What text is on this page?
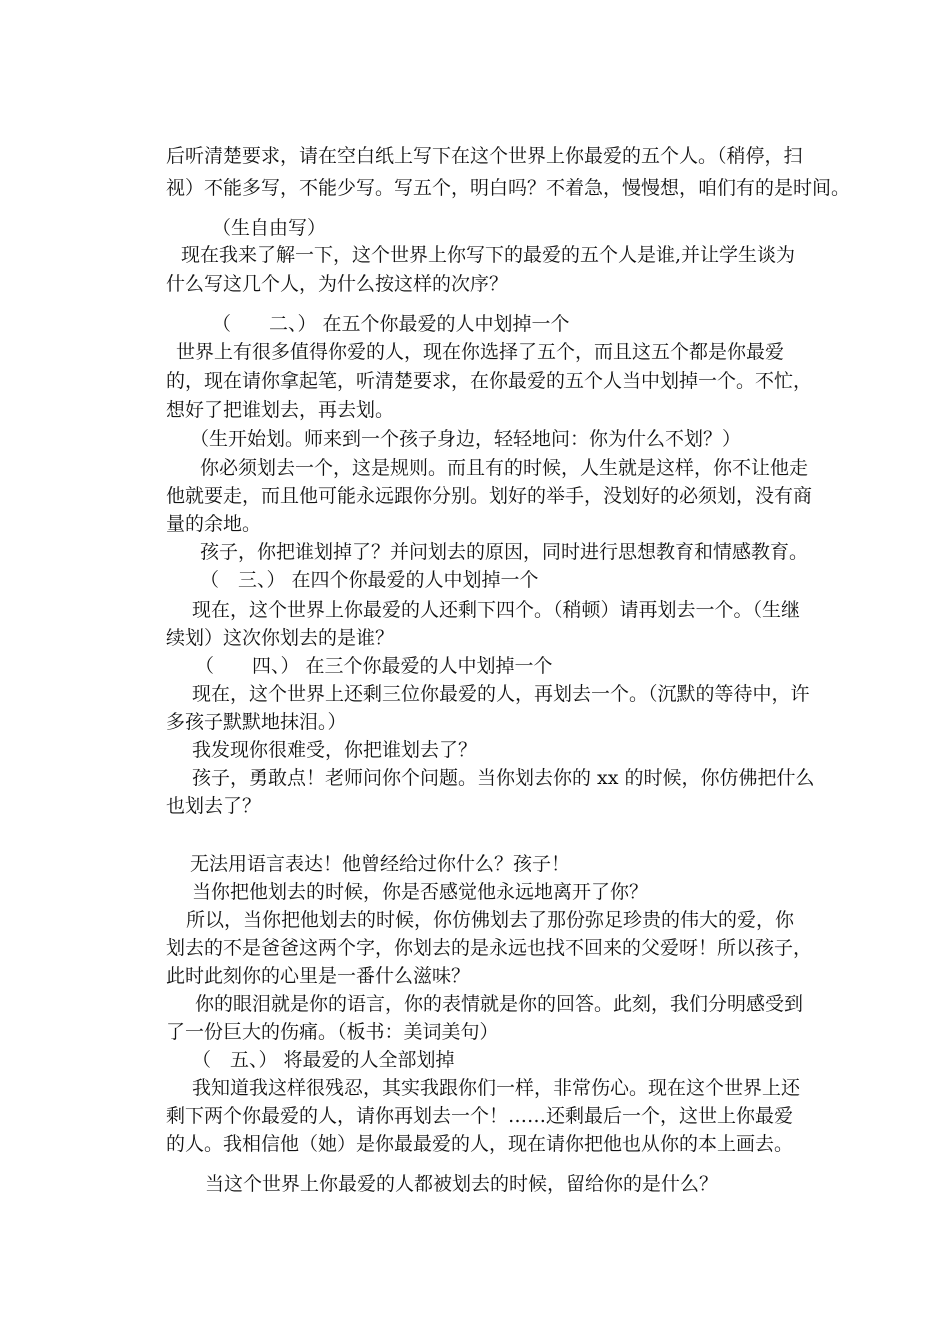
后听清楚要求，请在空白纸上写下在这个世界上你最爱的五个人。（稍停，扫

视）不能多写，不能少写。写五个，明白吗？不着急，慢慢想，咱们有的是时间。

（生自由写）

现在我来了解一下，这个世界上你写下的最爱的五个人是谁,并让学生谈为

什么写这几个人，为什么按这样的次序？

（　　二、） 在五个你最爱的人中划掉一个

世界上有很多值得你爱的人，现在你选择了五个，而且这五个都是你最爱

的，现在请你拿起笔，听清楚要求，在你最爱的五个人当中划掉一个。不忙，

想好了把谁划去，再去划。

（生开始划。师来到一个孩子身边，轻轻地问：你为什么不划？）

你必须划去一个，这是规则。而且有的时候，人生就是这样，你不让他走

他就要走，而且他可能永远跟你分别。划好的举手，没划好的必须划，没有商

量的余地。

孩子，你把谁划掉了？并问划去的原因，同时进行思想教育和情感教育。

（　三、） 在四个你最爱的人中划掉一个

现在，这个世界上你最爱的人还剩下四个。（稍顿）请再划去一个。（生继

续划）这次你划去的是谁？

（　　四、） 在三个你最爱的人中划掉一个

现在，这个世界上还剩三位你最爱的人，再划去一个。（沉默的等待中，许

多孩子默默地抹泪。）

我发现你很难受，你把谁划去了？

孩子，勇敢点！老师问你个问题。当你划去你的 xx 的时候，你仿佛把什么

也划去了？

无法用语言表达！他曾经给过你什么？孩子！

当你把他划去的时候，你是否感觉他永远地离开了你？

所以，当你把他划去的时候，你仿佛划去了那份弥足珍贵的伟大的爱，你

划去的不是爸爸这两个字，你划去的是永远也找不回来的父爱呀！所以孩子，

此时此刻你的心里是一番什么滋味？

你的眼泪就是你的语言，你的表情就是你的回答。此刻，我们分明感受到

了一份巨大的伤痛。（板书：美词美句）

（　五、） 将最爱的人全部划掉

我知道我这样很残忍，其实我跟你们一样，非常伤心。现在这个世界上还

剩下两个你最爱的人，请你再划去一个！……还剩最后一个，这世上你最爱

的人。我相信他（她）是你最最爱的人，现在请你把他也从你的本上画去。

当这个世界上你最爱的人都被划去的时候，留给你的是什么？
